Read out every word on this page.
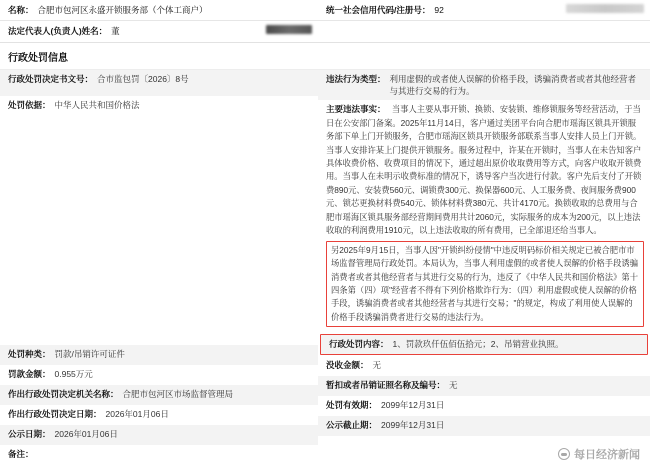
名称： 合肥市包河区永盛开锁服务部（个体工商户）	统一社会信用代码/注册号： 92
法定代表人(负责人)姓名： 董
行政处罚信息
行政处罚决定书文号： 合市监包罚〔2026〕8号
处罚依据： 中华人民共和国价格法
处罚种类： 罚款/吊销许可证件
罚款金额： 0.955万元
作出行政处罚决定机关名称： 合肥市包河区市场监督管理局
作出行政处罚决定日期： 2026年01月06日
公示日期： 2026年01月06日
备注：
违法行为类型： 利用虚假的或者使人误解的价格手段，诱骗消费者或者其他经营者与其进行交易的行为。
主要违法事实： 当事人主要从事开锁、换锁、安装锁、维修锁服务等经营活动，于当日在公安部门备案。2025年11月14日，客户通过美团平台向合肥市瑶海区锁具开锁服务部下单上门开锁服务，合肥市瑶海区锁具开锁服务部联系当事人安排人员上门开锁。当事人安排许某上门提供开锁服务。服务过程中，许某在开锁时，当事人在未告知客户具体收费价格、收费项目的情况下，通过超出原价收取费用等方式，向客户收取开锁费用。当事人在未明示收费标准的情况下，诱导客户当次进行付款。客户先后支付了开锁费890元、安装费560元、调锁费300元、换保器600元、人工服务费、夜间服务费900元、锁芯更换材料费540元、锁体材料费380元、共计4170元。换锁收取的总费用与合肥市瑶海区锁具服务部经营期间费用共计2060元，实际服务的成本为200元，以上违法收取的利润费用1910元，以上违法收取的所有费用，已全部退还给当事人。
另2025年9月15日，当事人因"开锁纠纷侵情"中违反明码标价相关规定已被合肥市市场监督管理局行政处罚。本局认为，当事人利用虚假的或者使人误解的价格手段诱骗消费者或者其他经营者与其进行交易的行为，违反了《中华人民共和国价格法》第十四条第（四）项"经营者不得有下列价格欺诈行为：（四）利用虚假或使人误解的价格手段，诱骗消费者或者其他经营者与其进行交易；"的规定，构成了利用使人误解的价格手段诱骗消费者进行交易的违法行为。
行政处罚内容： 1、罚款玖仟伍佰伍拾元；2、吊销营业执照。
没收金额： 无
暂扣或者吊销证照名称及编号： 无
处罚有效期： 2099年12月31日
公示截止期： 2099年12月31日
每日经济新闻
